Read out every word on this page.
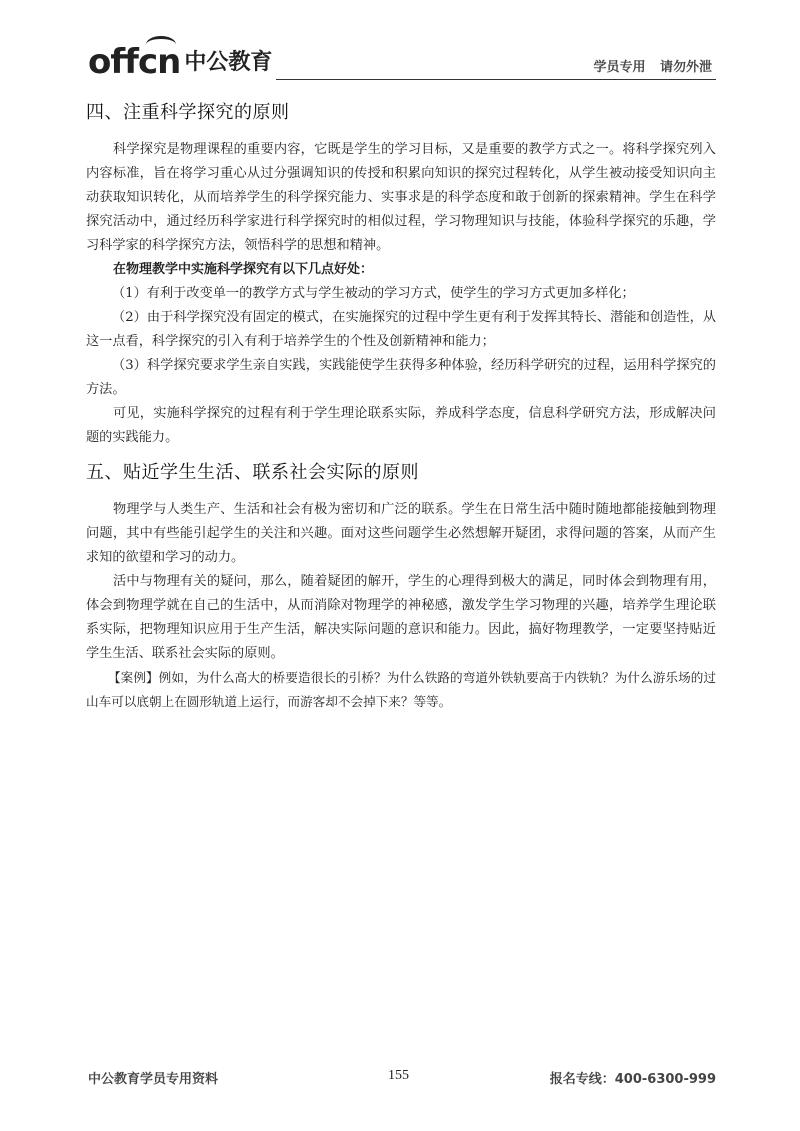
offcn 中公教育	学员专用 请勿外泄
四、注重科学探究的原则

科学探究是物理课程的重要内容，它既是学生的学习目标，又是重要的教学方式之一。将科学探究列入内容标准，旨在将学习重心从过分强调知识的传授和积累向知识的探究过程转化，从学生被动接受知识向主动获取知识转化，从而培养学生的科学探究能力、实事求是的科学态度和敢于创新的探索精神。学生在科学探究活动中，通过经历科学家进行科学探究时的相似过程，学习物理知识与技能，体验科学探究的乐趣，学习科学家的科学探究方法，领悟科学的思想和精神。

在物理教学中实施科学探究有以下几点好处：

（1）有利于改变单一的教学方式与学生被动的学习方式，使学生的学习方式更加多样化；

（2）由于科学探究没有固定的模式，在实施探究的过程中学生更有利于发挥其特长、潜能和创造性，从这一点看，科学探究的引入有利于培养学生的个性及创新精神和能力；

（3）科学探究要求学生亲自实践，实践能使学生获得多种体验，经历科学研究的过程，运用科学探究的方法。

可见，实施科学探究的过程有利于学生理论联系实际，养成科学态度，信息科学研究方法，形成解决问题的实践能力。

五、贴近学生生活、联系社会实际的原则

物理学与人类生产、生活和社会有极为密切和广泛的联系。学生在日常生活中随时随地都能接触到物理问题，其中有些能引起学生的关注和兴趣。面对这些问题学生必然想解开疑团，求得问题的答案，从而产生求知的欲望和学习的动力。

活中与物理有关的疑问，那么，随着疑团的解开，学生的心理得到极大的满足，同时体会到物理有用，体会到物理学就在自己的生活中，从而消除对物理学的神秘感，激发学生学习物理的兴趣，培养学生理论联系实际，把物理知识应用于生产生活，解决实际问题的意识和能力。因此，搞好物理教学，一定要坚持贴近学生生活、联系社会实际的原则。

【案例】例如，为什么高大的桥要造很长的引桥？为什么铁路的弯道外铁轨要高于内铁轨？为什么游乐场的过山车可以底朝上在圆形轨道上运行，而游客却不会掉下来？等等。

中公教育学员专用资料	155	报名专线：400-6300-999
